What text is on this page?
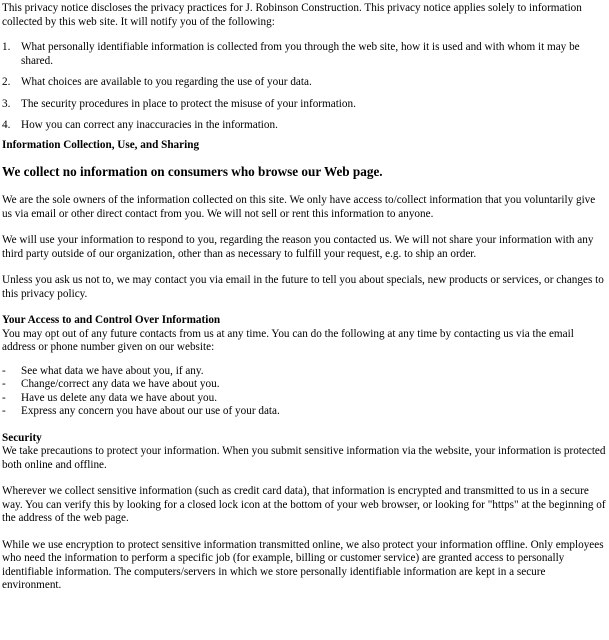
This privacy notice discloses the privacy practices for J. Robinson Construction. This privacy notice applies solely to information collected by this web site. It will notify you of the following:

1. What personally identifiable information is collected from you through the web site, how it is used and with whom it may be shared.
2. What choices are available to you regarding the use of your data.
3. The security procedures in place to protect the misuse of your information.
4. How you can correct any inaccuracies in the information.

Information Collection, Use, and Sharing

We collect no information on consumers who browse our Web page.

We are the sole owners of the information collected on this site. We only have access to/collect information that you voluntarily give us via email or other direct contact from you. We will not sell or rent this information to anyone.

We will use your information to respond to you, regarding the reason you contacted us. We will not share your information with any third party outside of our organization, other than as necessary to fulfill your request, e.g. to ship an order.

Unless you ask us not to, we may contact you via email in the future to tell you about specials, new products or services, or changes to this privacy policy.

Your Access to and Control Over Information

You may opt out of any future contacts from us at any time. You can do the following at any time by contacting us via the email address or phone number given on our website:

- See what data we have about you, if any.
- Change/correct any data we have about you.
- Have us delete any data we have about you.
- Express any concern you have about our use of your data.

Security

We take precautions to protect your information. When you submit sensitive information via the website, your information is protected both online and offline.

Wherever we collect sensitive information (such as credit card data), that information is encrypted and transmitted to us in a secure way. You can verify this by looking for a closed lock icon at the bottom of your web browser, or looking for "https" at the beginning of the address of the web page.

While we use encryption to protect sensitive information transmitted online, we also protect your information offline. Only employees who need the information to perform a specific job (for example, billing or customer service) are granted access to personally identifiable information. The computers/servers in which we store personally identifiable information are kept in a secure environment.
